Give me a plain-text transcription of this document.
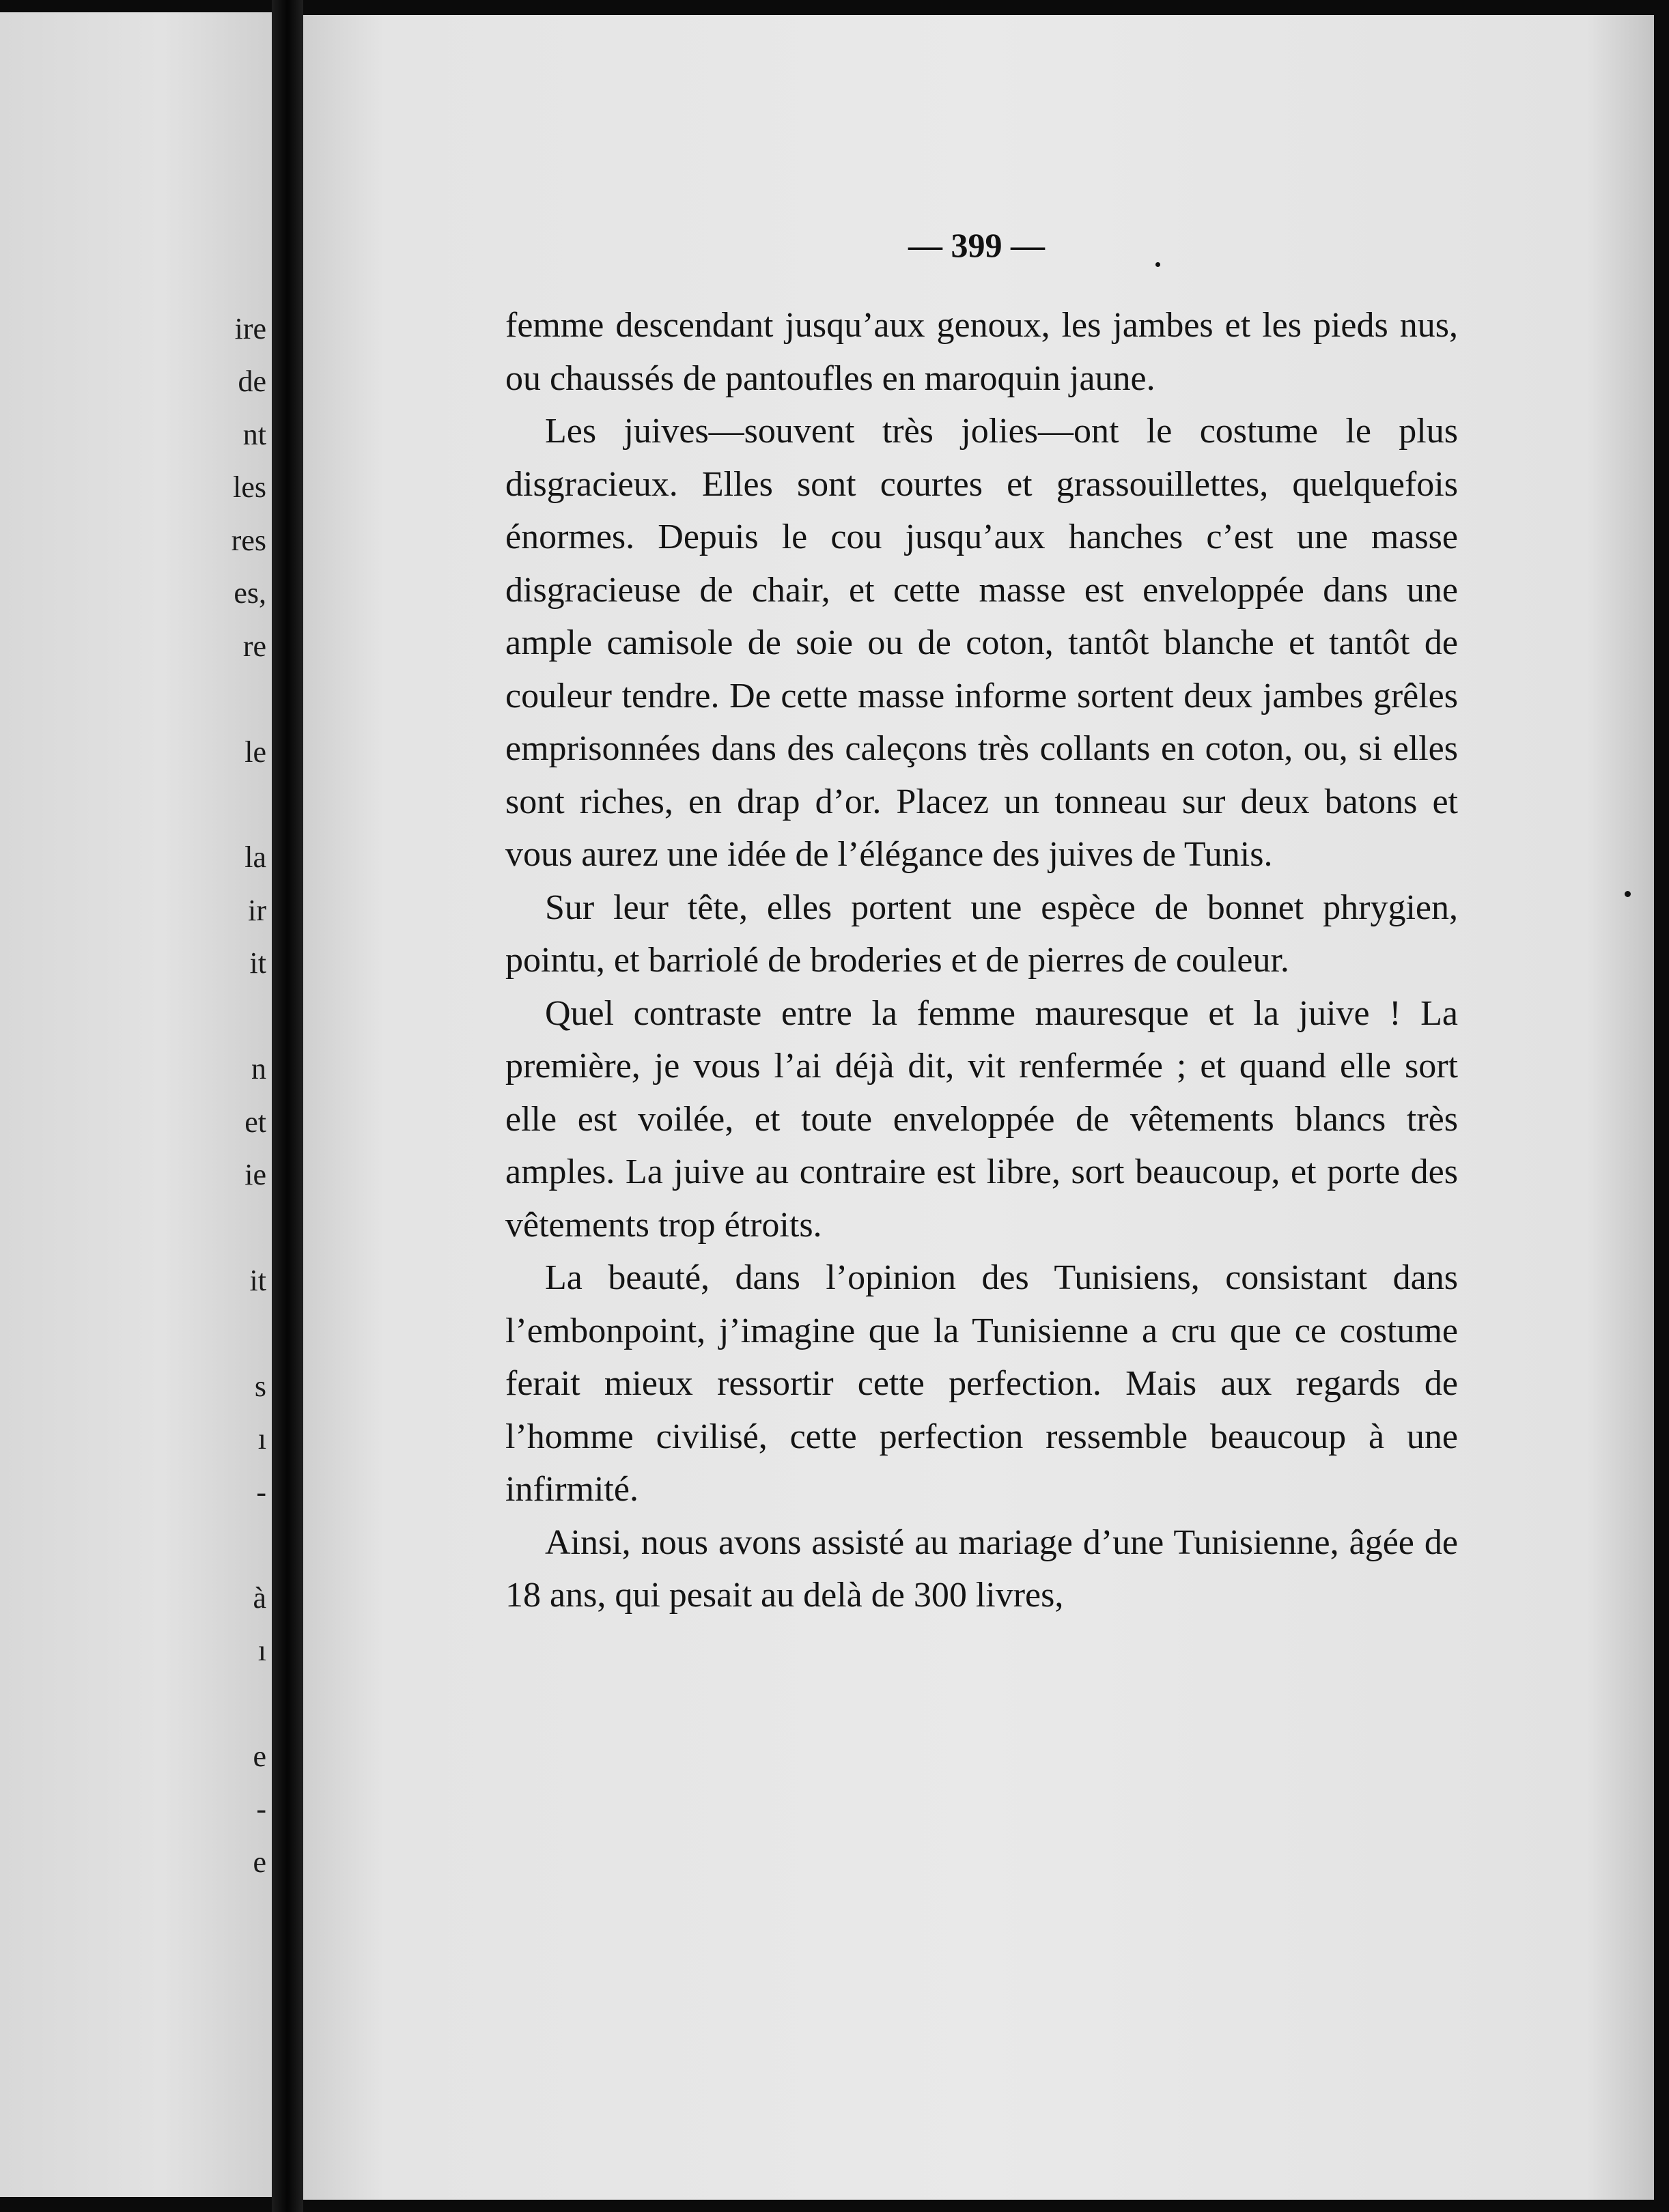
ire
de
nt
les
res
es,
re
le
la
ir
it
n
et
ie
it
s
ı
-
à
ı
e
-
e
— 399 —

femme descendant jusqu’aux genoux, les jambes et les pieds nus, ou chaussés de pantoufles en maroquin jaune.

Les juives—souvent très jolies—ont le costume le plus disgracieux. Elles sont courtes et grassouillettes, quelquefois énormes. Depuis le cou jusqu’aux hanches c’est une masse disgracieuse de chair, et cette masse est enveloppée dans une ample camisole de soie ou de coton, tantôt blanche et tantôt de couleur tendre. De cette masse informe sortent deux jambes grêles emprisonnées dans des caleçons très collants en coton, ou, si elles sont riches, en drap d’or. Placez un tonneau sur deux batons et vous aurez une idée de l’élégance des juives de Tunis.

Sur leur tête, elles portent une espèce de bonnet phrygien, pointu, et barriolé de broderies et de pierres de couleur.

Quel contraste entre la femme mauresque et la juive ! La première, je vous l’ai déjà dit, vit renfermée ; et quand elle sort elle est voilée, et toute enveloppée de vêtements blancs très amples. La juive au contraire est libre, sort beaucoup, et porte des vêtements trop étroits.

La beauté, dans l’opinion des Tunisiens, consistant dans l’embonpoint, j’imagine que la Tunisienne a cru que ce costume ferait mieux ressortir cette perfection. Mais aux regards de l’homme civilisé, cette perfection ressemble beaucoup à une infirmité.

Ainsi, nous avons assisté au mariage d’une Tunisienne, âgée de 18 ans, qui pesait au delà de 300 livres,
